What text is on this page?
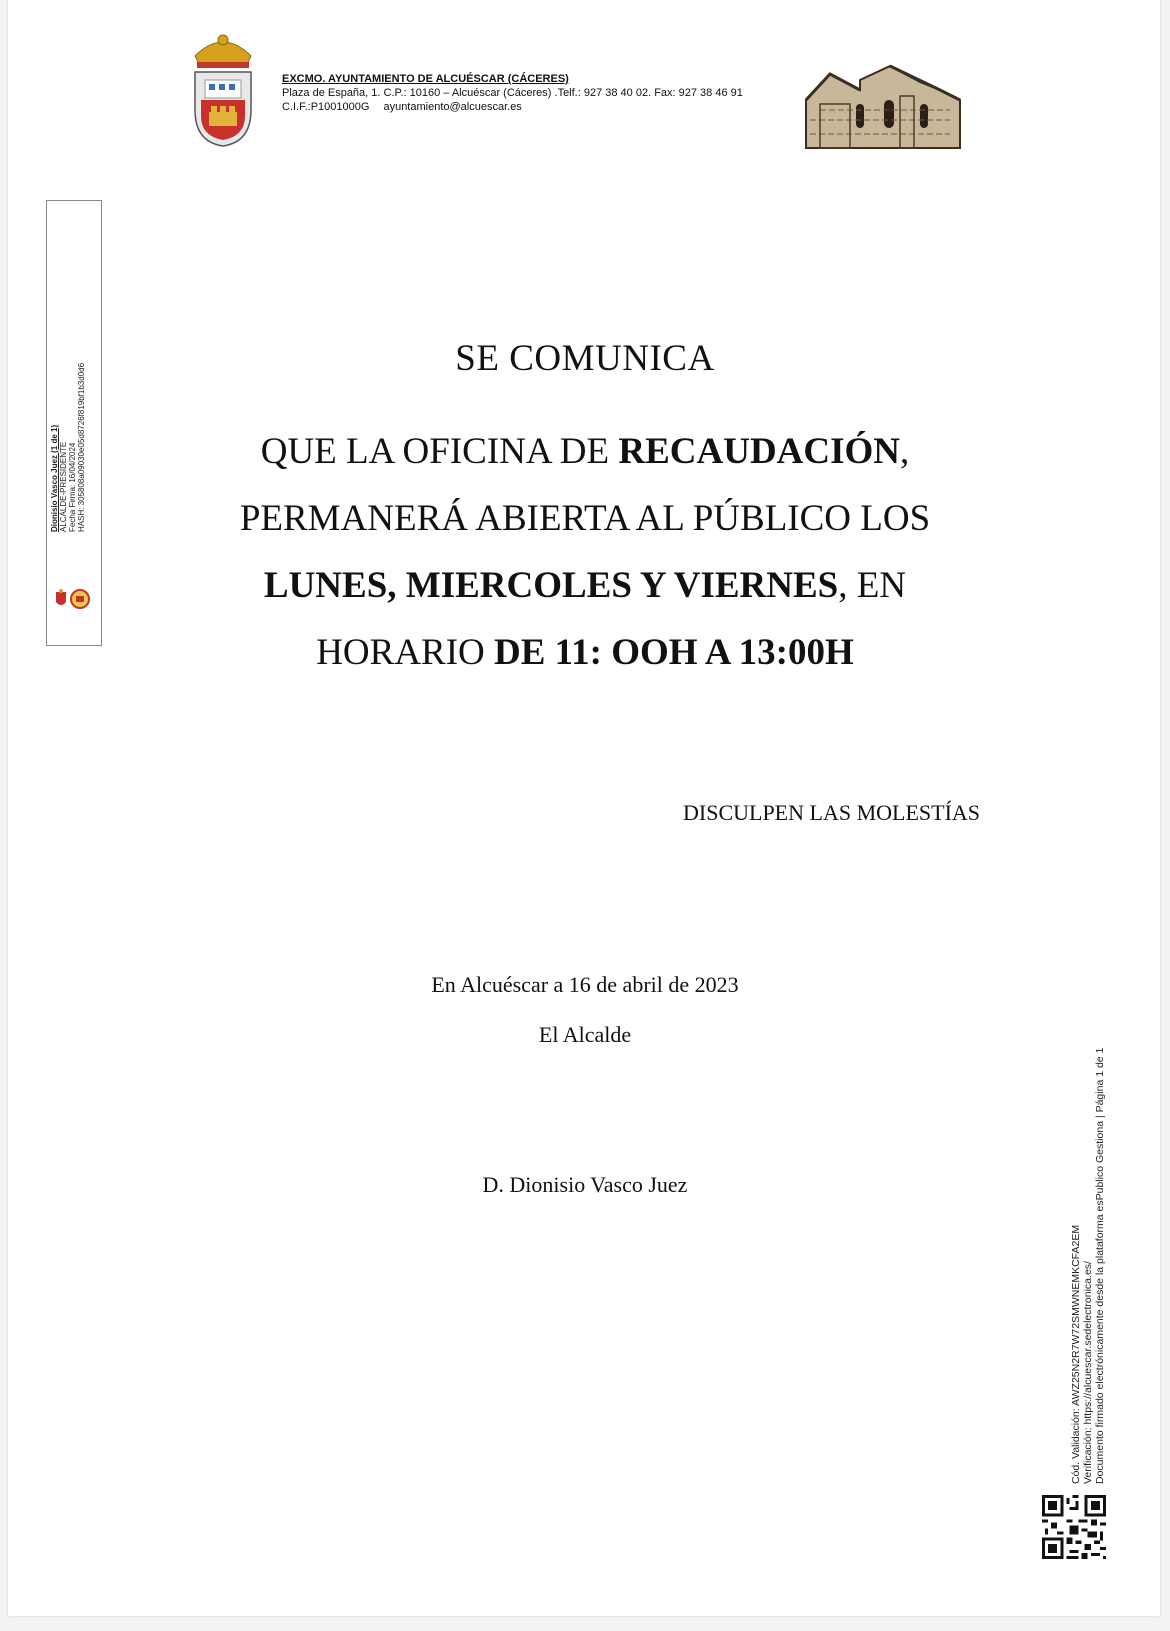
EXCMO. AYUNTAMIENTO DE ALCUÉSCAR (CÁCERES)
Plaza de España, 1. C.P.: 10160 – Alcuéscar (Cáceres) .Telf.: 927 38 40 02. Fax: 927 38 46 91
C.I.F.:P1001000G ayuntamiento@alcuescar.es
Dionisio Vasco Juez (1 de 1) ALCALDE-PRESIDENTE Fecha Firma: 16/04/2024 HASH: 305808a09030e05d8726f819bf1b3d0d6
SE COMUNICA
QUE LA OFICINA DE RECAUDACIÓN,
PERMANERÁ ABIERTA AL PÚBLICO LOS
LUNES, MIERCOLES Y VIERNES, EN
HORARIO DE 11: OOH A 13:00H
DISCULPEN LAS MOLESTÍAS
En Alcuéscar a 16 de abril de 2023
El Alcalde
D. Dionisio Vasco Juez
Cód. Validación: AWZ25N2R7W72SMWNEMKCFA2EM Verificación: https://alcuescar.sedelectronica.es/ Documento firmado electrónicamente desde la plataforma esPublico Gestiona | Página 1 de 1
